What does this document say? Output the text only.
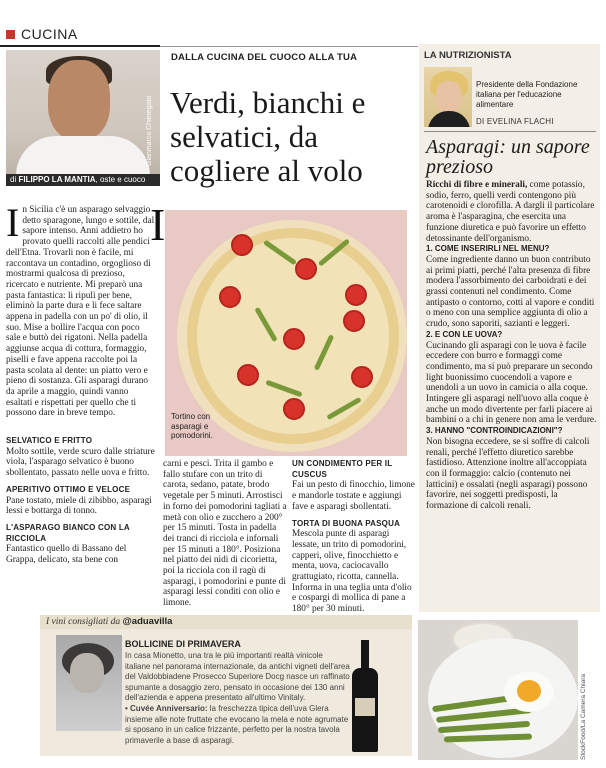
CUCINA
Gianmarco Chieregato
di FILIPPO LA MANTIA, oste e cuoco
DALLA CUCINA DEL CUOCO ALLA TUA
Verdi, bianchi e selvatici, da cogliere al volo
Tortino con asparagi e pomodorini.
I
I n Sicilia c'è un asparago selvaggio detto sparagone, lungo e sottile, dal sapore intenso. Anni addietro ho provato quelli raccolti alle pendici dell'Etna. Trovarli non è facile, mi raccontava un contadino, orgoglioso di mostrarmi qualcosa di prezioso, ricercato e nutriente. Mi preparò una pasta fantastica: li ripulì per bene, eliminò la parte dura e li fece saltare appena in padella con un po' di olio, il suo. Mise a bollire l'acqua con poco sale e buttò dei rigatoni. Nella padella aggiunse acqua di cottura, formaggio, piselli e fave appena raccolte poi la pasta scolata al dente: un piatto vero e pieno di sostanza. Gli asparagi durano da aprile a maggio, quindi vanno esaltati e rispettati per quello che ti possono dare in breve tempo.
SELVATICO E FRITTO
Molto sottile, verde scuro dalle striature viola, l'asparago selvatico è buono sbollentato, passato nelle uova e fritto.
APERITIVO OTTIMO E VELOCE
Pane tostato, miele di zibibbo, asparagi lessi e bottarga di tonno.
L'ASPARAGO BIANCO CON LA RICCIOLA
Fantastico quello di Bassano del Grappa, delicato, sta bene con
carni e pesci. Trita il gambo e fallo stufare con un trito di carota, sedano, patate, brodo vegetale per 5 minuti. Arrostisci in forno dei pomodorini tagliati a metà con olio e zucchero a 200° per 15 minuti. Tosta in padella dei tranci di ricciola e infornali per 15 minuti a 180°. Posiziona nel piatto dei nidi di cicorietta, poi la ricciola con il ragù di asparagi, i pomodorini e punte di asparagi lessi conditi con olio e limone.
UN CONDIMENTO PER IL CUSCUS
Fai un pesto di finocchio, limone e mandorle tostate e aggiungi fave e asparagi sbollentati.
TORTA DI BUONA PASQUA
Mescola punte di asparagi lessate, un trito di pomodorini, capperi, olive, finocchietto e menta, uova, caciocavallo grattugiato, ricotta, cannella. Informa in una teglia unta d'olio e cospargi di mollica di pane a 180° per 30 minuti.
LA NUTRIZIONISTA
Presidente della Fondazione italiana per l'educazione alimentare
DI EVELINA FLACHI
Asparagi: un sapore prezioso

Ricchi di fibre e minerali, come potassio, sodio, ferro, quelli verdi contengono più carotenoidi e clorofilla. A dargli il particolare aroma è l'asparagina, che esercita una funzione diuretica e può favorire un effetto detossinante dell'organismo.

1. COME INSERIRLI NEL MENU?

Come ingrediente danno un buon contributo ai primi piatti, perché l'alta presenza di fibre modera l'assorbimento dei carboidrati e dei grassi contenuti nel condimento. Come antipasto o contorno, cotti al vapore e conditi o meno con una semplice aggiunta di olio a crudo, sono saporiti, sazianti e leggeri.

2. E CON LE UOVA?

Cucinando gli asparagi con le uova è facile eccedere con burro e formaggi come condimento, ma si può preparare un secondo light buonissimo cuocendoli a vapore e unendoli a un uovo in camicia o alla coque. Intingere gli asparagi nell'uovo alla coque è anche un modo divertente per farli piacere ai bambini o a chi in genere non ama le verdure.

3. HANNO "CONTROINDICAZIONI"?

Non bisogna eccedere, se si soffre di calcoli renali, perché l'effetto diuretico sarebbe fastidioso. Attenzione inoltre all'accoppiata con il formaggio: calcio (contenuto nei latticini) e ossalati (negli asparagi) possono favorire, nei soggetti predisposti, la formazione di calcoli renali.

I vini consigliati da @aduavilla
BOLLICINE DI PRIMAVERA

In casa Mionetto, una tra le più importanti realtà vinicole italiane nel panorama internazionale, da antichi vigneti dell'area del Valdobbiadene Prosecco Superiore Docg nasce un raffinato spumante a dosaggio zero, pensato in occasione dei 130 anni dell'azienda e appena presentato all'ultimo Vinitaly.

• Cuvée Anniversario: la freschezza tipica dell'uva Glera insieme alle note fruttate che evocano la mela e note agrumate si sposano in un calice frizzante, perfetto per la nostra tavola primaverile a base di asparagi.	StockFood/La Camera Chiara
